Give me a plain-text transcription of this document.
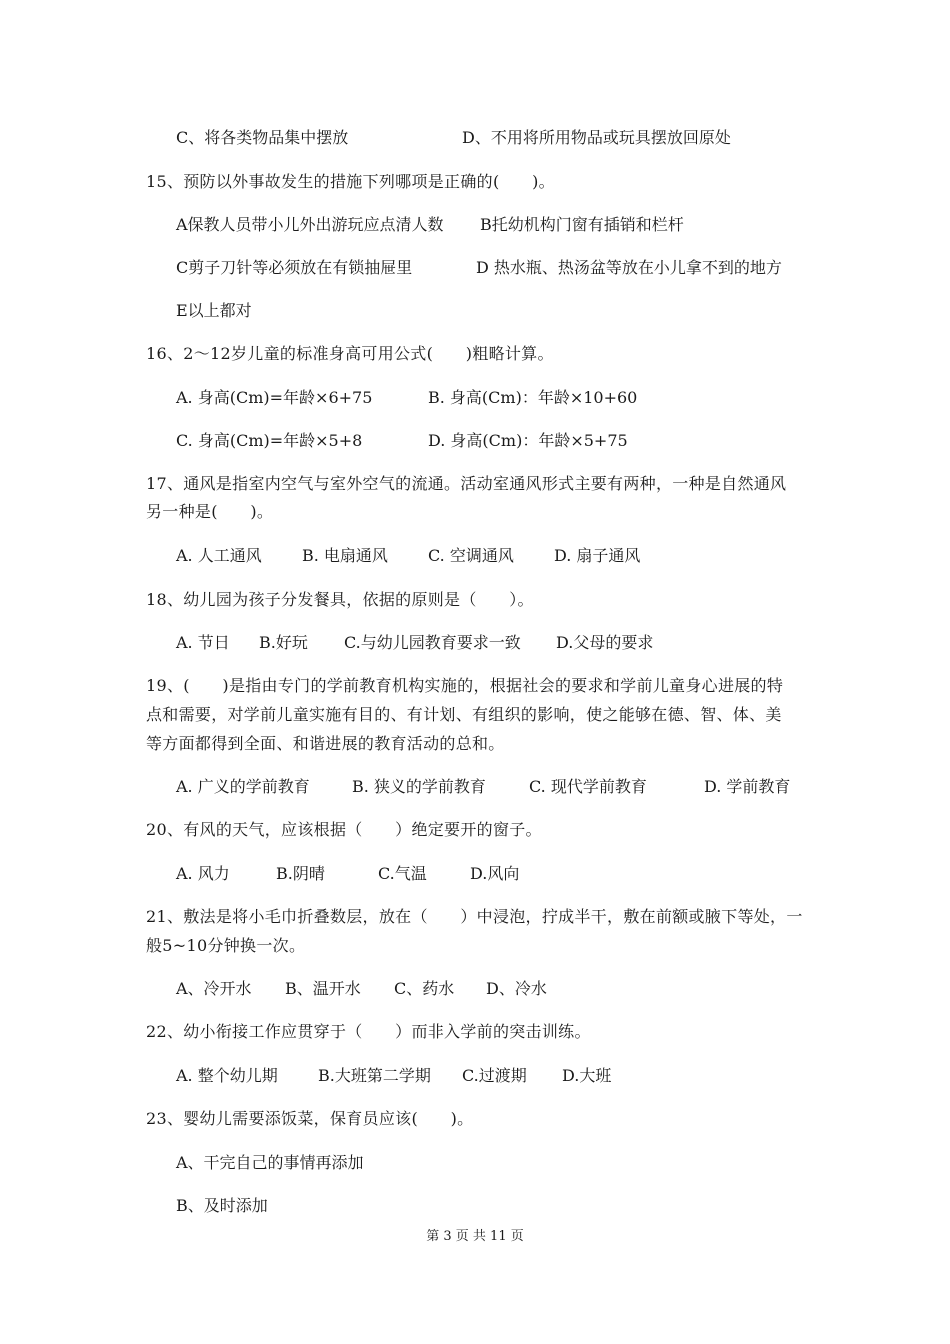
C、将各类物品集中摆放	D、不用将所用物品或玩具摆放回原处
15、预防以外事故发生的措施下列哪项是正确的(　　)。
A保教人员带小儿外出游玩应点清人数 B托幼机构门窗有插销和栏杆
C剪子刀针等必须放在有锁抽屉里	D 热水瓶、热汤盆等放在小儿拿不到的地方
E以上都对
16、2～12岁儿童的标准身高可用公式(　　)粗略计算。
A. 身高(Cm)=年龄×6+75	B. 身高(Cm)：年龄×10+60
C. 身高(Cm)=年龄×5+8	D. 身高(Cm)：年龄×5+75
17、通风是指室内空气与室外空气的流通。活动室通风形式主要有两种，一种是自然通风
另一种是(　　)。
A. 人工通风	B. 电扇通风	C. 空调通风	D. 扇子通风
18、幼儿园为孩子分发餐具，依据的原则是（　　）。
A. 节日 B.好玩 C.与幼儿园教育要求一致 D.父母的要求
19、(　　)是指由专门的学前教育机构实施的，根据社会的要求和学前儿童身心进展的特
点和需要，对学前儿童实施有目的、有计划、有组织的影响，使之能够在德、智、体、美
等方面都得到全面、和谐进展的教育活动的总和。
A. 广义的学前教育	B. 狭义的学前教育	C. 现代学前教育	D. 学前教育
20、有风的天气，应该根据（　　）绝定要开的窗子。
A. 风力	B.阴晴	C.气温	D.风向
21、敷法是将小毛巾折叠数层，放在（　　）中浸泡，拧成半干，敷在前额或腋下等处，一
般5~10分钟换一次。
A、冷开水 B、温开水 C、药水 D、冷水
22、幼小衔接工作应贯穿于（　　）而非入学前的突击训练。
A. 整个幼儿期	B.大班第二学期 C.过渡期 D.大班
23、婴幼儿需要添饭菜，保育员应该(　　)。
A、干完自己的事情再添加
B、及时添加
第 3 页 共 11 页
